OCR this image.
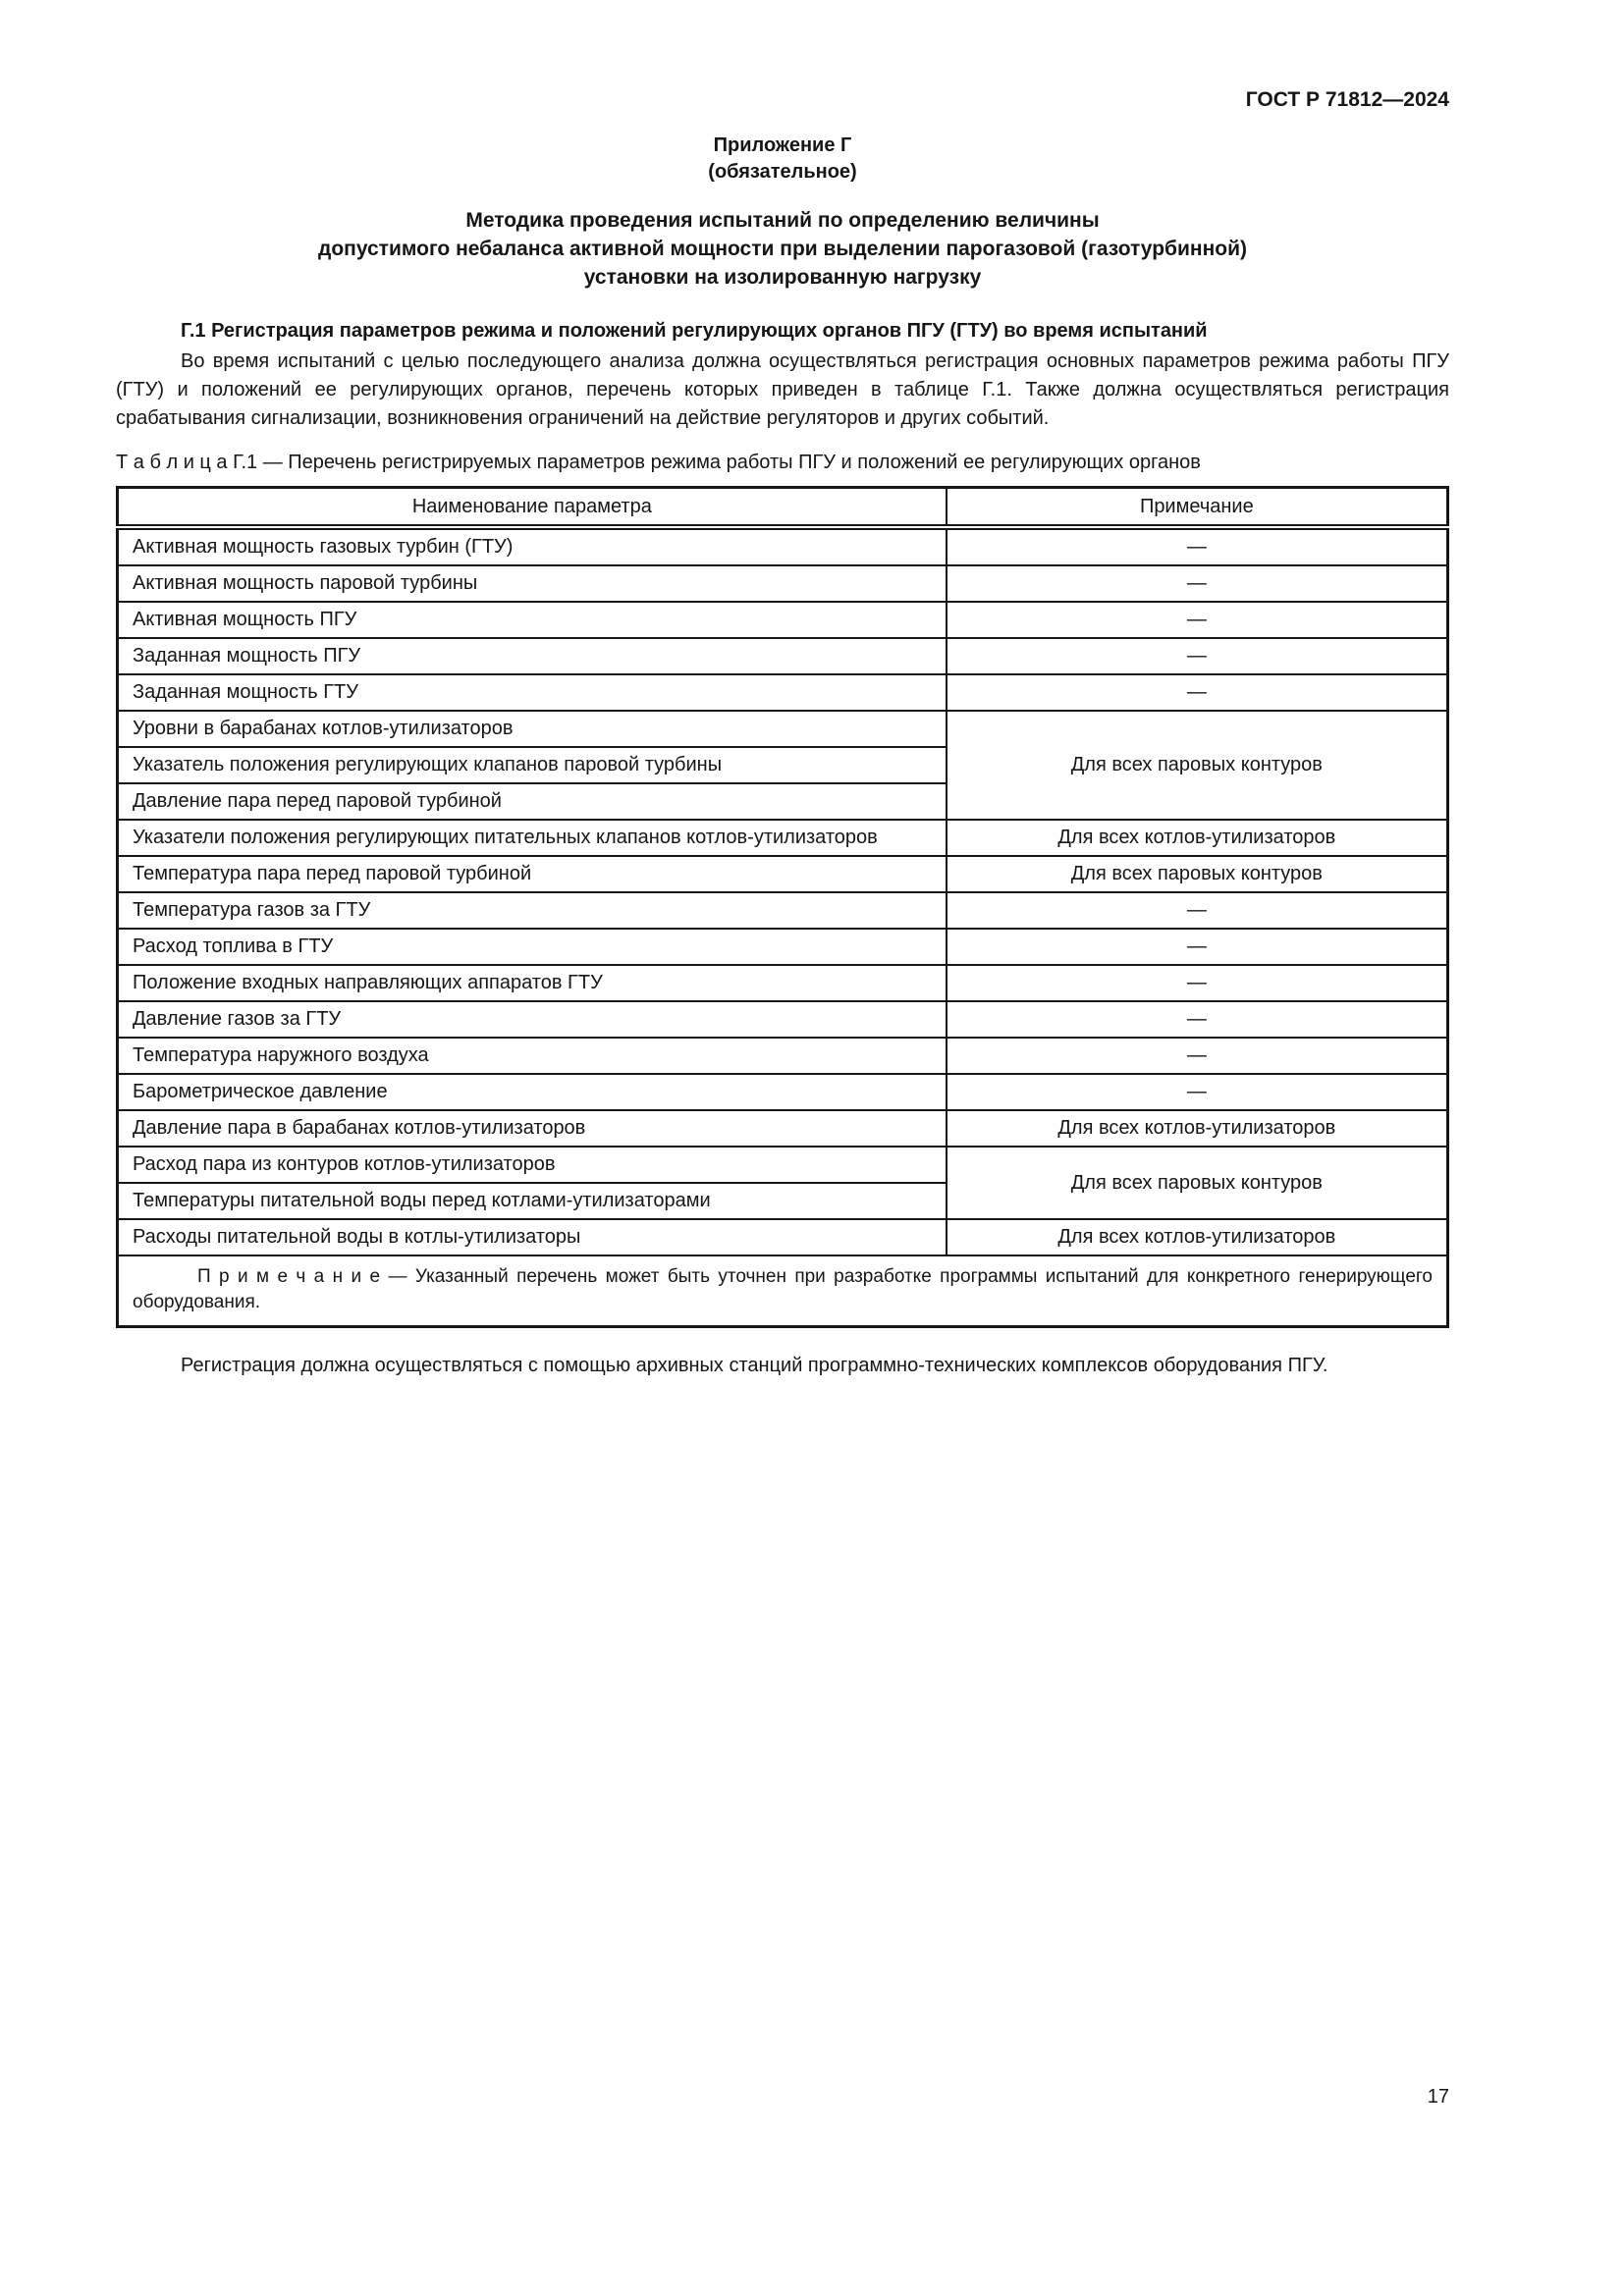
ГОСТ Р 71812—2024
Приложение Г
(обязательное)
Методика проведения испытаний по определению величины
допустимого небаланса активной мощности при выделении парогазовой (газотурбинной)
установки на изолированную нагрузку
Г.1 Регистрация параметров режима и положений регулирующих органов ПГУ (ГТУ) во время испытаний

Во время испытаний с целью последующего анализа должна осуществляться регистрация основных параметров режима работы ПГУ (ГТУ) и положений ее регулирующих органов, перечень которых приведен в таблице Г.1. Также должна осуществляться регистрация срабатывания сигнализации, возникновения ограничений на действие регуляторов и других событий.

Т а б л и ц а Г.1 — Перечень регистрируемых параметров режима работы ПГУ и положений ее регулирующих органов

Наименование параметра	Примечание
Активная мощность газовых турбин (ГТУ)	—
Активная мощность паровой турбины	—
Активная мощность ПГУ	—
Заданная мощность ПГУ	—
Заданная мощность ГТУ	—
Уровни в барабанах котлов-утилизаторов	Для всех паровых контуров
Указатель положения регулирующих клапанов паровой турбины	
Давление пара перед паровой турбиной	
Указатели положения регулирующих питательных клапанов котлов-утилизаторов	Для всех котлов-утилизаторов
Температура пара перед паровой турбиной	Для всех паровых контуров
Температура газов за ГТУ	—
Расход топлива в ГТУ	—
Положение входных направляющих аппаратов ГТУ	—
Давление газов за ГТУ	—
Температура наружного воздуха	—
Барометрическое давление	—
Давление пара в барабанах котлов-утилизаторов	Для всех котлов-утилизаторов
Расход пара из контуров котлов-утилизаторов	Для всех паровых контуров
Температуры питательной воды перед котлами-утилизаторами	
Расходы питательной воды в котлы-утилизаторы	Для всех котлов-утилизаторов

П р и м е ч а н и е — Указанный перечень может быть уточнен при разработке программы испытаний для конкретного генерирующего оборудования.	

Регистрация должна осуществляться с помощью архивных станций программно-технических комплексов оборудования ПГУ.

17
